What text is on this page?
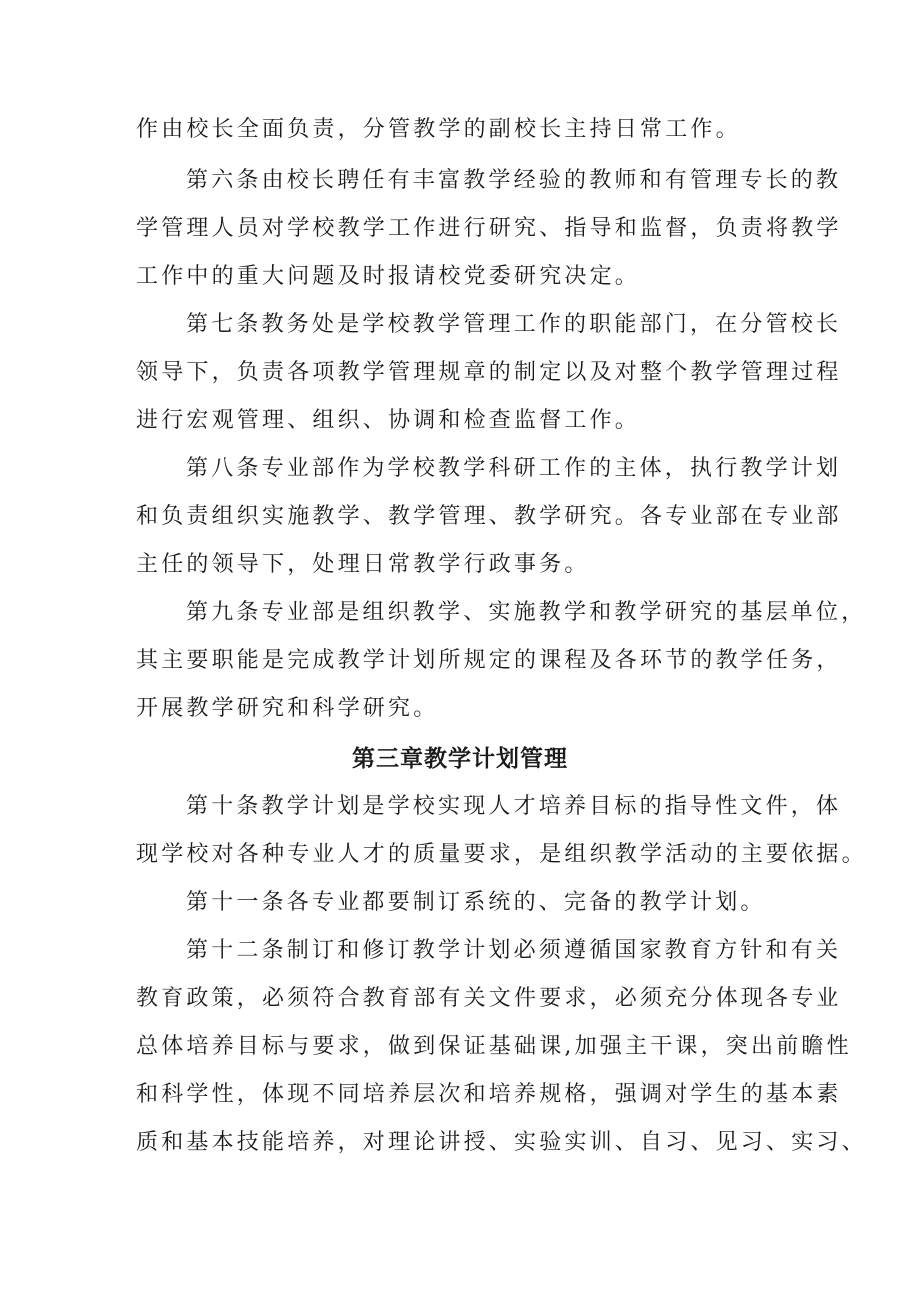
作由校长全面负责，分管教学的副校长主持日常工作。
第六条由校长聘任有丰富教学经验的教师和有管理专长的教
学管理人员对学校教学工作进行研究、指导和监督，负责将教学
工作中的重大问题及时报请校党委研究决定。
第七条教务处是学校教学管理工作的职能部门，在分管校长
领导下，负责各项教学管理规章的制定以及对整个教学管理过程
进行宏观管理、组织、协调和检查监督工作。
第八条专业部作为学校教学科研工作的主体，执行教学计划
和负责组织实施教学、教学管理、教学研究。各专业部在专业部
主任的领导下，处理日常教学行政事务。
第九条专业部是组织教学、实施教学和教学研究的基层单位，
其主要职能是完成教学计划所规定的课程及各环节的教学任务，
开展教学研究和科学研究。
第三章教学计划管理
第十条教学计划是学校实现人才培养目标的指导性文件，体
现学校对各种专业人才的质量要求，是组织教学活动的主要依据。
第十一条各专业都要制订系统的、完备的教学计划。
第十二条制订和修订教学计划必须遵循国家教育方针和有关
教育政策，必须符合教育部有关文件要求，必须充分体现各专业
总体培养目标与要求，做到保证基础课,加强主干课，突出前瞻性
和科学性，体现不同培养层次和培养规格，强调对学生的基本素
质和基本技能培养，对理论讲授、实验实训、自习、见习、实习、
